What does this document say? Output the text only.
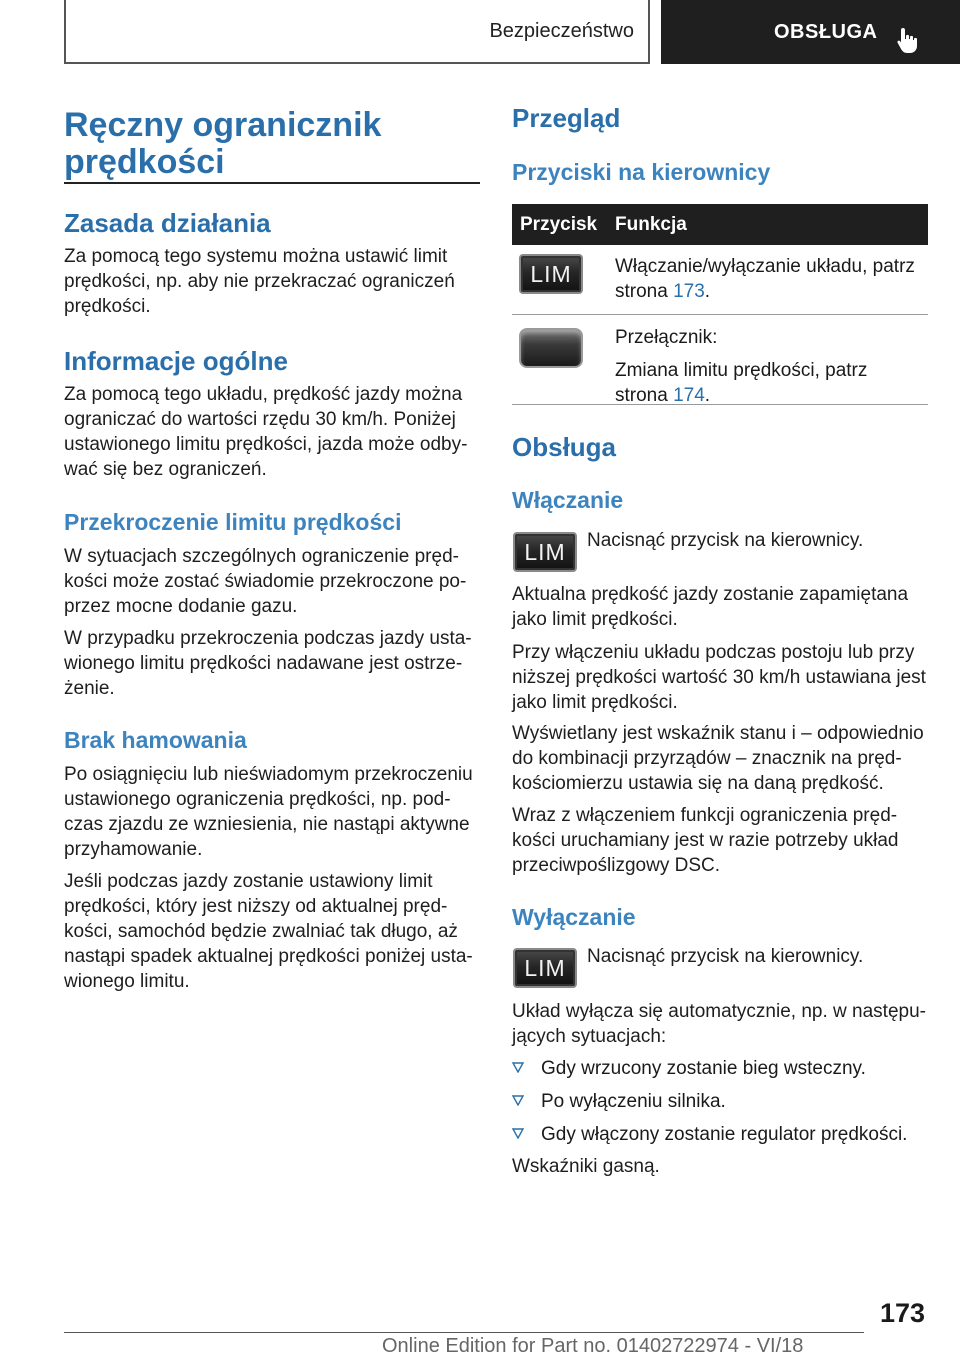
Bezpieczeństwo	OBSŁUGA
Ręczny ogranicznik
prędkości
Zasada działania
Za pomocą tego systemu można ustawić limit
prędkości, np. aby nie przekraczać ograniczeń
prędkości.
Informacje ogólne
Za pomocą tego układu, prędkość jazdy można
ograniczać do wartości rzędu 30 km/h. Poniżej
ustawionego limitu prędkości, jazda może odby‐
wać się bez ograniczeń.
Przekroczenie limitu prędkości
W sytuacjach szczególnych ograniczenie pręd‐
kości może zostać świadomie przekroczone po‐
przez mocne dodanie gazu.
W przypadku przekroczenia podczas jazdy usta‐
wionego limitu prędkości nadawane jest ostrze‐
żenie.
Brak hamowania
Po osiągnięciu lub nieświadomym przekroczeniu
ustawionego ograniczenia prędkości, np. pod‐
czas zjazdu ze wzniesienia, nie nastąpi aktywne
przyhamowanie.
Jeśli podczas jazdy zostanie ustawiony limit
prędkości, który jest niższy od aktualnej pręd‐
kości, samochód będzie zwalniać tak długo, aż
nastąpi spadek aktualnej prędkości poniżej usta‐
wionego limitu.
Przegląd
Przyciski na kierownicy
Przycisk Funkcja
LIM Włączanie/wyłączanie układu, patrz
strona 173.
Przełącznik:
Zmiana limitu prędkości, patrz
strona 174.
Obsługa
Włączanie
LIM Nacisnąć przycisk na kierownicy.
Aktualna prędkość jazdy zostanie zapamiętana
jako limit prędkości.
Przy włączeniu układu podczas postoju lub przy
niższej prędkości wartość 30 km/h ustawiana jest
jako limit prędkości.
Wyświetlany jest wskaźnik stanu i – odpowiednio
do kombinacji przyrządów – znacznik na pręd‐
kościomierzu ustawia się na daną prędkość.
Wraz z włączeniem funkcji ograniczenia pręd‐
kości uruchamiany jest w razie potrzeby układ
przeciwpoślizgowy DSC.
Wyłączanie
LIM Nacisnąć przycisk na kierownicy.
Układ wyłącza się automatycznie, np. w następu‐
jących sytuacjach:
Gdy wrzucony zostanie bieg wsteczny.
Po wyłączeniu silnika.
Gdy włączony zostanie regulator prędkości.
Wskaźniki gasną.
173
Online Edition for Part no. 01402722974 - VI/18
